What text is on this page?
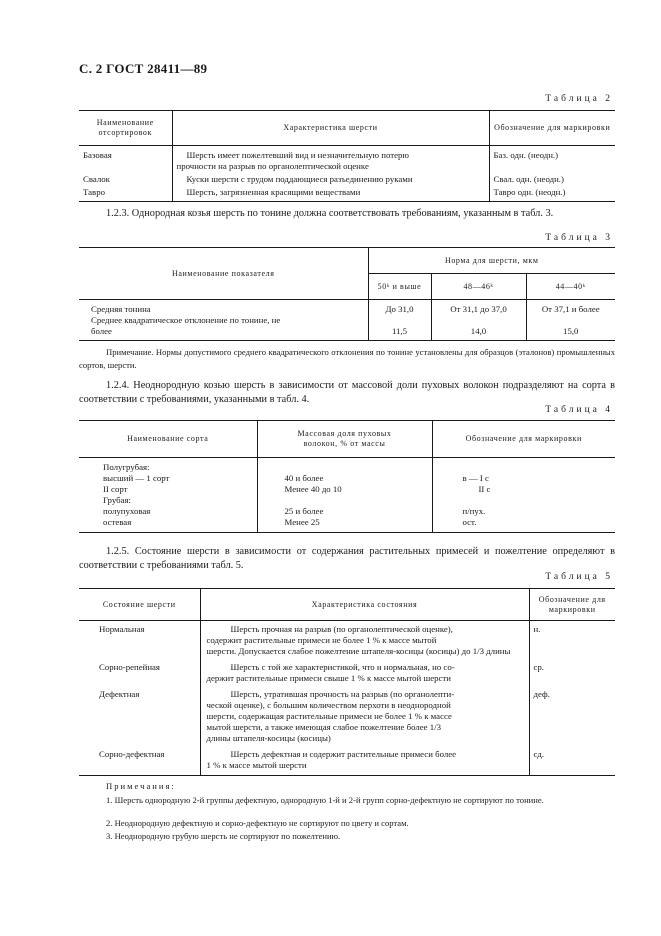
С. 2 ГОСТ 28411—89
Таблица 2
Наименование отсортировок	Характеристика шерсти	Обозначение для маркировки
Базовая	Шерсть имеет пожелтевший вид и незначительную потерю
прочности на разрыв по органолептической оценке	Баз. одн. (неодн.)
Свалок	Куски шерсти с трудом поддающиеся разъединению руками	Свал. одн. (неодн.)
Тавро	Шерсть, загрязненная красящими веществами	Тавро одн. (неодн.)
1.2.3. Однородная козья шерсть по тонине должна соответствовать требованиям, указанным в табл. 3.
Таблица 3
Наименование показателя	Норма для шерсти, мкм		
	50ᵏ и выше	48—46ᵏ	44—40ᵏ
Средняя тонина	До 31,0	От 31,1 до 37,0	От 37,1 и более

Среднее квадратическое отклонение по тонине, не
более	11,5	14,0	15,0
Примечание. Нормы допустимого среднего квадратического отклонения по тонине установлены для образцов (эталонов) промышленных сортов, шерсти.
1.2.4. Неоднородную козью шерсть в зависимости от массовой доли пуховых волокон подразделяют на сорта в соответствии с требованиями, указанными в табл. 4.
Таблица 4
Наименование сорта	Массовая доля пуховых волокон, % от массы	Обозначение для маркировки
Полугрубая:		
высший — 1 сорт	40 и более	в — I с
II сорт	Менее 40 до 10	II с
Грубая:		
полупуховая	25 и более	п/пух.
остевая	Менее 25	ост.
1.2.5. Состояние шерсти в зависимости от содержания растительных примесей и пожелтение определяют в соответствии с требованиями табл. 5.
Таблица 5
Состояние шерсти	Характеристика состояния	Обозначение для маркировки
Нормальная	Шерсть прочная на разрыв (по органолептической оценке),
содержит растительные примеси не более 1 % к массе мытой
шерсти. Допускается слабое пожелтение штапеля-косицы (косицы) до 1/3 длины	н.
Сорно-репейная	Шерсть с той же характеристикой, что и нормальная, но со-
держит растительные примеси свыше 1 % к массе мытой шерсти	ср.
Дефектная	Шерсть, утратившая прочность на разрыв (по органолепти-
ческой оценке), с большим количеством перхоти в неоднородной
шерсти, содержащая растительные примеси не более 1 % к массе
мытой шерсти, а также имеющая слабое пожелтение более 1/3
длины штапеля-косицы (косицы)	деф.
Сорно-дефектная	Шерсть дефектная и содержит растительные примеси более
1 % к массе мытой шерсти	сд.
Примечания:
1. Шерсть однородную 2-й группы дефектную, однородную 1-й и 2-й групп сорно-дефектную не сортируют по тонине.
2. Неоднородную дефектную и сорно-дефектную не сортируют по цвету и сортам.
3. Неоднородную грубую шерсть не сортируют по пожелтению.
